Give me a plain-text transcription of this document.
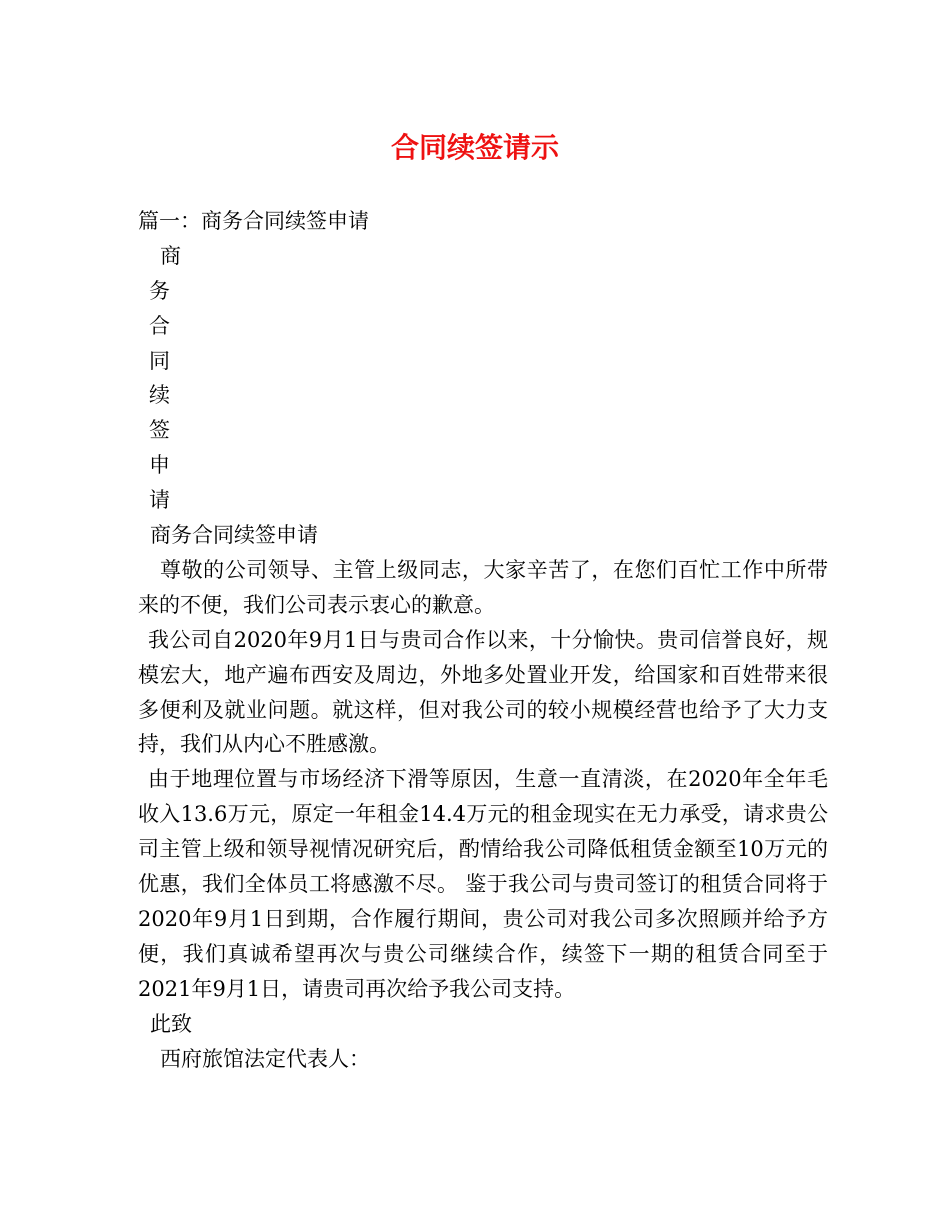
合同续签请示
篇一：商务合同续签申请
商
务
合
同
续
签
申
请
商务合同续签申请
尊敬的公司领导、主管上级同志，大家辛苦了，在您们百忙工作中所带来的不便，我们公司表示衷心的歉意。
我公司自2020年9月1日与贵司合作以来，十分愉快。贵司信誉良好，规模宏大，地产遍布西安及周边，外地多处置业开发，给国家和百姓带来很多便利及就业问题。就这样，但对我公司的较小规模经营也给予了大力支持，我们从内心不胜感激。
由于地理位置与市场经济下滑等原因，生意一直清淡，在2020年全年毛收入13.6万元，原定一年租金14.4万元的租金现实在无力承受，请求贵公司主管上级和领导视情况研究后，酌情给我公司降低租赁金额至10万元的优惠，我们全体员工将感激不尽。 鉴于我公司与贵司签订的租赁合同将于2020年9月1日到期，合作履行期间，贵公司对我公司多次照顾并给予方便，我们真诚希望再次与贵公司继续合作，续签下一期的租赁合同至于2021年9月1日，请贵司再次给予我公司支持。
此致
西府旅馆法定代表人：
